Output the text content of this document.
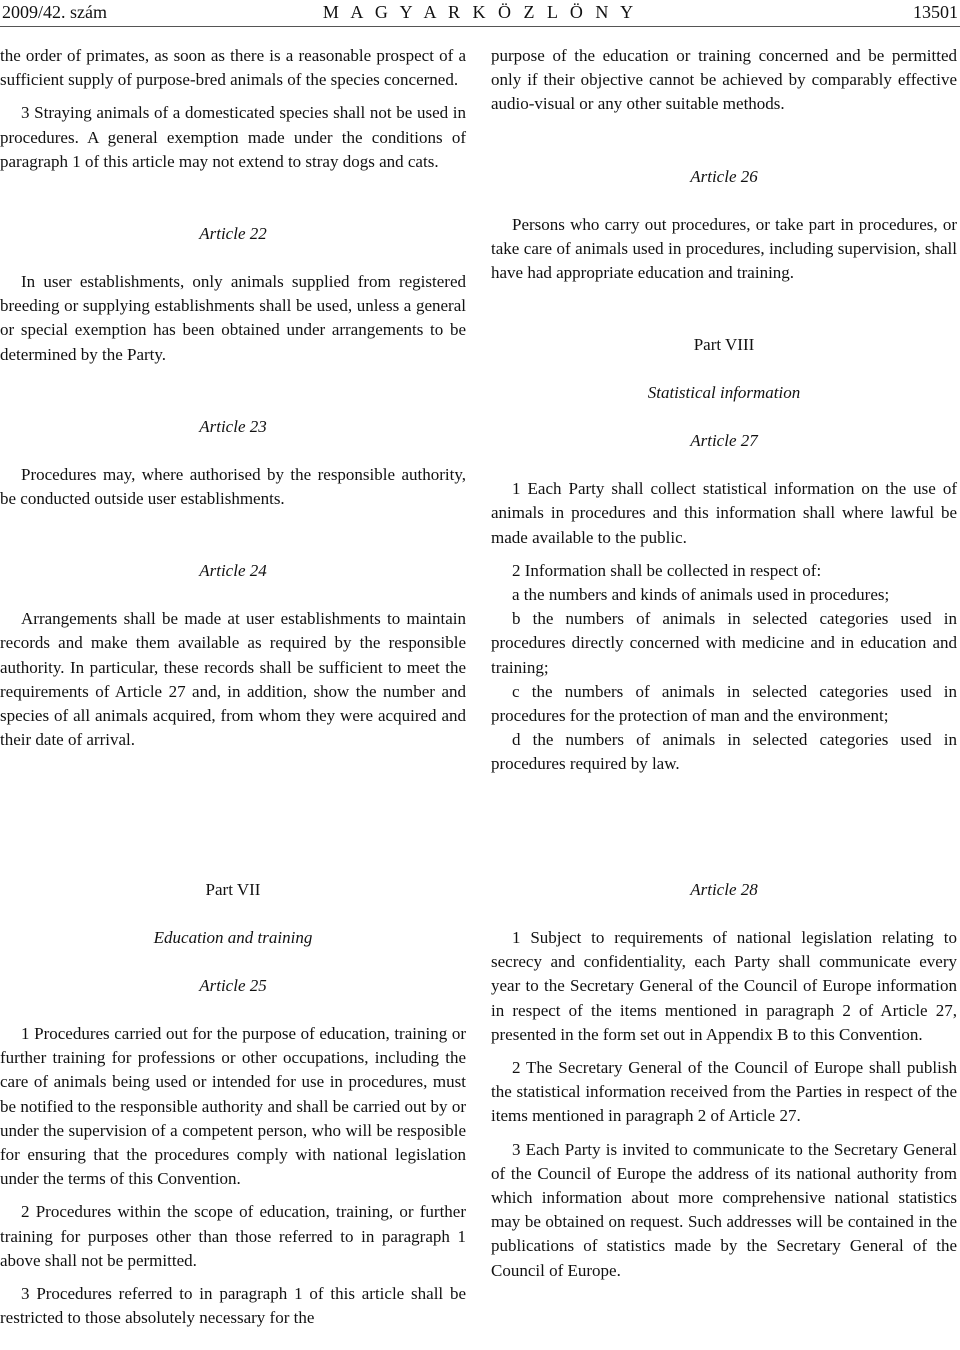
2009/42. szám	M A G Y A R K Ö Z L Ö N Y	13501

the order of primates, as soon as there is a reasonable prospect of a sufficient supply of purpose-bred animals of the species concerned.

3 Straying animals of a domesticated species shall not be used in procedures. A general exemption made under the conditions of paragraph 1 of this article may not extend to stray dogs and cats.

Article 22

In user establishments, only animals supplied from registered breeding or supplying establishments shall be used, unless a general or special exemption has been obtained under arrangements to be determined by the Party.

Article 23

Procedures may, where authorised by the responsible authority, be conducted outside user establishments.

Article 24

Arrangements shall be made at user establishments to maintain records and make them available as required by the responsible authority. In particular, these records shall be sufficient to meet the requirements of Article 27 and, in addition, show the number and species of all animals acquired, from whom they were acquired and their date of arrival.

Part VII

Education and training

Article 25

1 Procedures carried out for the purpose of education, training or further training for professions or other occupations, including the care of animals being used or intended for use in procedures, must be notified to the responsible authority and shall be carried out by or under the supervision of a competent person, who will be resposible for ensuring that the procedures comply with national legislation under the terms of this Convention.

2 Procedures within the scope of education, training, or further training for purposes other than those referred to in paragraph 1 above shall not be permitted.

3 Procedures referred to in paragraph 1 of this article shall be restricted to those absolutely necessary for the

purpose of the education or training concerned and be permitted only if their objective cannot be achieved by comparably effective audio-visual or any other suitable methods.

Article 26

Persons who carry out procedures, or take part in procedures, or take care of animals used in procedures, including supervision, shall have had appropriate education and training.

Part VIII

Statistical information

Article 27

1 Each Party shall collect statistical information on the use of animals in procedures and this information shall where lawful be made available to the public.

2 Information shall be collected in respect of:

a the numbers and kinds of animals used in procedures;

b the numbers of animals in selected categories used in procedures directly concerned with medicine and in education and training;

c the numbers of animals in selected categories used in procedures for the protection of man and the environment;

d the numbers of animals in selected categories used in procedures required by law.

Article 28

1 Subject to requirements of national legislation relating to secrecy and confidentiality, each Party shall communicate every year to the Secretary General of the Council of Europe information in respect of the items mentioned in paragraph 2 of Article 27, presented in the form set out in Appendix B to this Convention.

2 The Secretary General of the Council of Europe shall publish the statistical information received from the Parties in respect of the items mentioned in paragraph 2 of Article 27.

3 Each Party is invited to communicate to the Secretary General of the Council of Europe the address of its national authority from which information about more comprehensive national statistics may be obtained on request. Such addresses will be contained in the publications of statistics made by the Secretary General of the Council of Europe.
